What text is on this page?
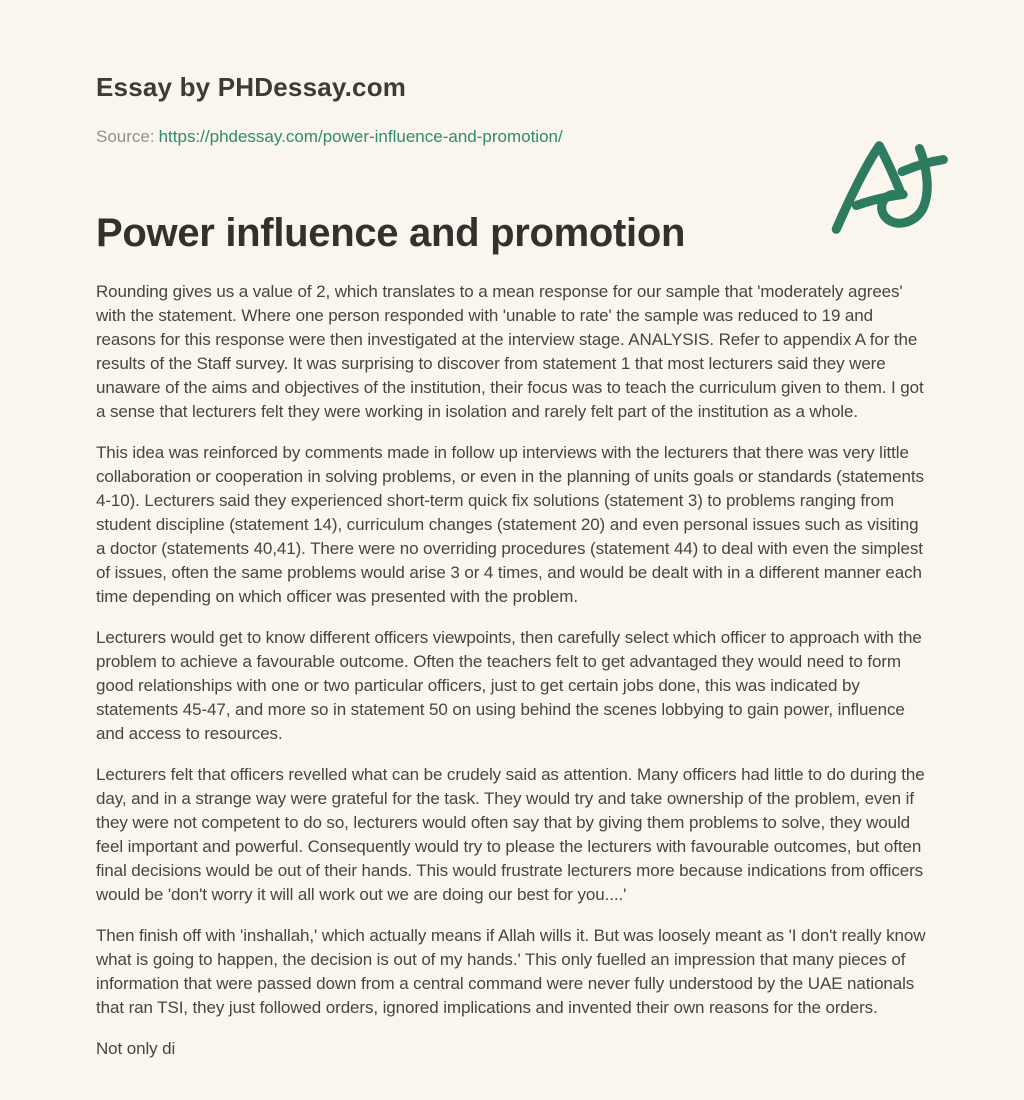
Essay by PHDessay.com
Source: https://phdessay.com/power-influence-and-promotion/
Power influence and promotion

Rounding gives us a value of 2, which translates to a mean response for our sample that 'moderately agrees' with the statement. Where one person responded with 'unable to rate' the sample was reduced to 19 and reasons for this response were then investigated at the interview stage. ANALYSIS. Refer to appendix A for the results of the Staff survey. It was surprising to discover from statement 1 that most lecturers said they were unaware of the aims and objectives of the institution, their focus was to teach the curriculum given to them. I got a sense that lecturers felt they were working in isolation and rarely felt part of the institution as a whole.

This idea was reinforced by comments made in follow up interviews with the lecturers that there was very little collaboration or cooperation in solving problems, or even in the planning of units goals or standards (statements 4-10). Lecturers said they experienced short-term quick fix solutions (statement 3) to problems ranging from student discipline (statement 14), curriculum changes (statement 20) and even personal issues such as visiting a doctor (statements 40,41). There were no overriding procedures (statement 44) to deal with even the simplest of issues, often the same problems would arise 3 or 4 times, and would be dealt with in a different manner each time depending on which officer was presented with the problem.

Lecturers would get to know different officers viewpoints, then carefully select which officer to approach with the problem to achieve a favourable outcome. Often the teachers felt to get advantaged they would need to form good relationships with one or two particular officers, just to get certain jobs done, this was indicated by statements 45-47, and more so in statement 50 on using behind the scenes lobbying to gain power, influence and access to resources.

Lecturers felt that officers revelled what can be crudely said as attention. Many officers had little to do during the day, and in a strange way were grateful for the task. They would try and take ownership of the problem, even if they were not competent to do so, lecturers would often say that by giving them problems to solve, they would feel important and powerful. Consequently would try to please the lecturers with favourable outcomes, but often final decisions would be out of their hands. This would frustrate lecturers more because indications from officers would be 'don't worry it will all work out we are doing our best for you....'

Then finish off with 'inshallah,' which actually means if Allah wills it. But was loosely meant as 'I don't really know what is going to happen, the decision is out of my hands.' This only fuelled an impression that many pieces of information that were passed down from a central command were never fully understood by the UAE nationals that ran TSI, they just followed orders, ignored implications and invented their own reasons for the orders.

Not only di
